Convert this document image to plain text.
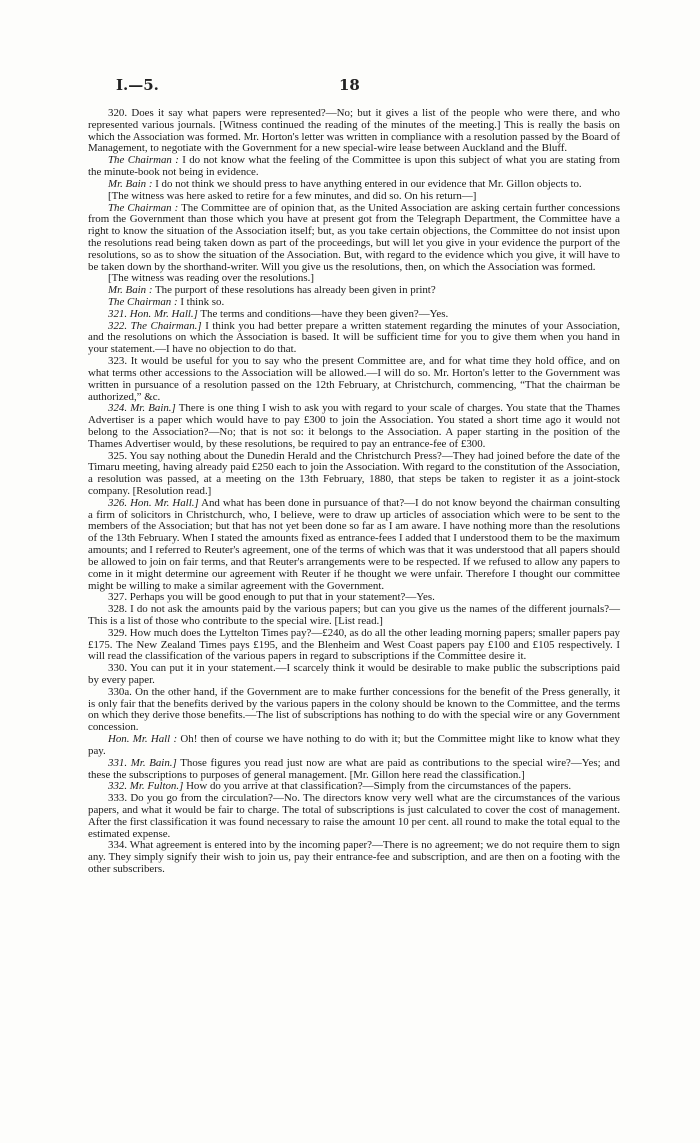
I.—5.	18

320. Does it say what papers were represented?—No; but it gives a list of the people who were there, and who represented various journals. [Witness continued the reading of the minutes of the meeting.] This is really the basis on which the Association was formed. Mr. Horton's letter was written in compliance with a resolution passed by the Board of Management, to negotiate with the Government for a new special-wire lease between Auckland and the Bluff.

The Chairman : I do not know what the feeling of the Committee is upon this subject of what you are stating from the minute-book not being in evidence.

Mr. Bain : I do not think we should press to have anything entered in our evidence that Mr. Gillon objects to.

[The witness was here asked to retire for a few minutes, and did so. On his return—]

The Chairman : The Committee are of opinion that, as the United Association are asking certain further concessions from the Government than those which you have at present got from the Telegraph Department, the Committee have a right to know the situation of the Association itself; but, as you take certain objections, the Committee do not insist upon the resolutions read being taken down as part of the proceedings, but will let you give in your evidence the purport of the resolutions, so as to show the situation of the Association. But, with regard to the evidence which you give, it will have to be taken down by the shorthand-writer. Will you give us the resolutions, then, on which the Association was formed.

[The witness was reading over the resolutions.]

Mr. Bain : The purport of these resolutions has already been given in print?

The Chairman : I think so.

321. Hon. Mr. Hall.] The terms and conditions—have they been given?—Yes.

322. The Chairman.] I think you had better prepare a written statement regarding the minutes of your Association, and the resolutions on which the Association is based. It will be sufficient time for you to give them when you hand in your statement.—I have no objection to do that.

323. It would be useful for you to say who the present Committee are, and for what time they hold office, and on what terms other accessions to the Association will be allowed.—I will do so. Mr. Horton's letter to the Government was written in pursuance of a resolution passed on the 12th February, at Christchurch, commencing, “That the chairman be authorized,” &c.

324. Mr. Bain.] There is one thing I wish to ask you with regard to your scale of charges. You state that the Thames Advertiser is a paper which would have to pay £300 to join the Association. You stated a short time ago it would not belong to the Association?—No; that is not so: it belongs to the Association. A paper starting in the position of the Thames Advertiser would, by these resolutions, be required to pay an entrance-fee of £300.

325. You say nothing about the Dunedin Herald and the Christchurch Press?—They had joined before the date of the Timaru meeting, having already paid £250 each to join the Association. With regard to the constitution of the Association, a resolution was passed, at a meeting on the 13th February, 1880, that steps be taken to register it as a joint-stock company. [Resolution read.]

326. Hon. Mr. Hall.] And what has been done in pursuance of that?—I do not know beyond the chairman consulting a firm of solicitors in Christchurch, who, I believe, were to draw up articles of association which were to be sent to the members of the Association; but that has not yet been done so far as I am aware. I have nothing more than the resolutions of the 13th February. When I stated the amounts fixed as entrance-fees I added that I understood them to be the maximum amounts; and I referred to Reuter's agreement, one of the terms of which was that it was understood that all papers should be allowed to join on fair terms, and that Reuter's arrangements were to be respected. If we refused to allow any papers to come in it might determine our agreement with Reuter if he thought we were unfair. Therefore I thought our committee might be willing to make a similar agreement with the Government.

327. Perhaps you will be good enough to put that in your statement?—Yes.

328. I do not ask the amounts paid by the various papers; but can you give us the names of the different journals?—This is a list of those who contribute to the special wire. [List read.]

329. How much does the Lyttelton Times pay?—£240, as do all the other leading morning papers; smaller papers pay £175. The New Zealand Times pays £195, and the Blenheim and West Coast papers pay £100 and £105 respectively. I will read the classification of the various papers in regard to subscriptions if the Committee desire it.

330. You can put it in your statement.—I scarcely think it would be desirable to make public the subscriptions paid by every paper.

330a. On the other hand, if the Government are to make further concessions for the benefit of the Press generally, it is only fair that the benefits derived by the various papers in the colony should be known to the Committee, and the terms on which they derive those benefits.—The list of subscriptions has nothing to do with the special wire or any Government concession.

Hon. Mr. Hall : Oh! then of course we have nothing to do with it; but the Committee might like to know what they pay.

331. Mr. Bain.] Those figures you read just now are what are paid as contributions to the special wire?—Yes; and these the subscriptions to purposes of general management. [Mr. Gillon here read the classification.]

332. Mr. Fulton.] How do you arrive at that classification?—Simply from the circumstances of the papers.

333. Do you go from the circulation?—No. The directors know very well what are the circumstances of the various papers, and what it would be fair to charge. The total of subscriptions is just calculated to cover the cost of management. After the first classification it was found necessary to raise the amount 10 per cent. all round to make the total equal to the estimated expense.

334. What agreement is entered into by the incoming paper?—There is no agreement; we do not require them to sign any. They simply signify their wish to join us, pay their entrance-fee and subscription, and are then on a footing with the other subscribers.
